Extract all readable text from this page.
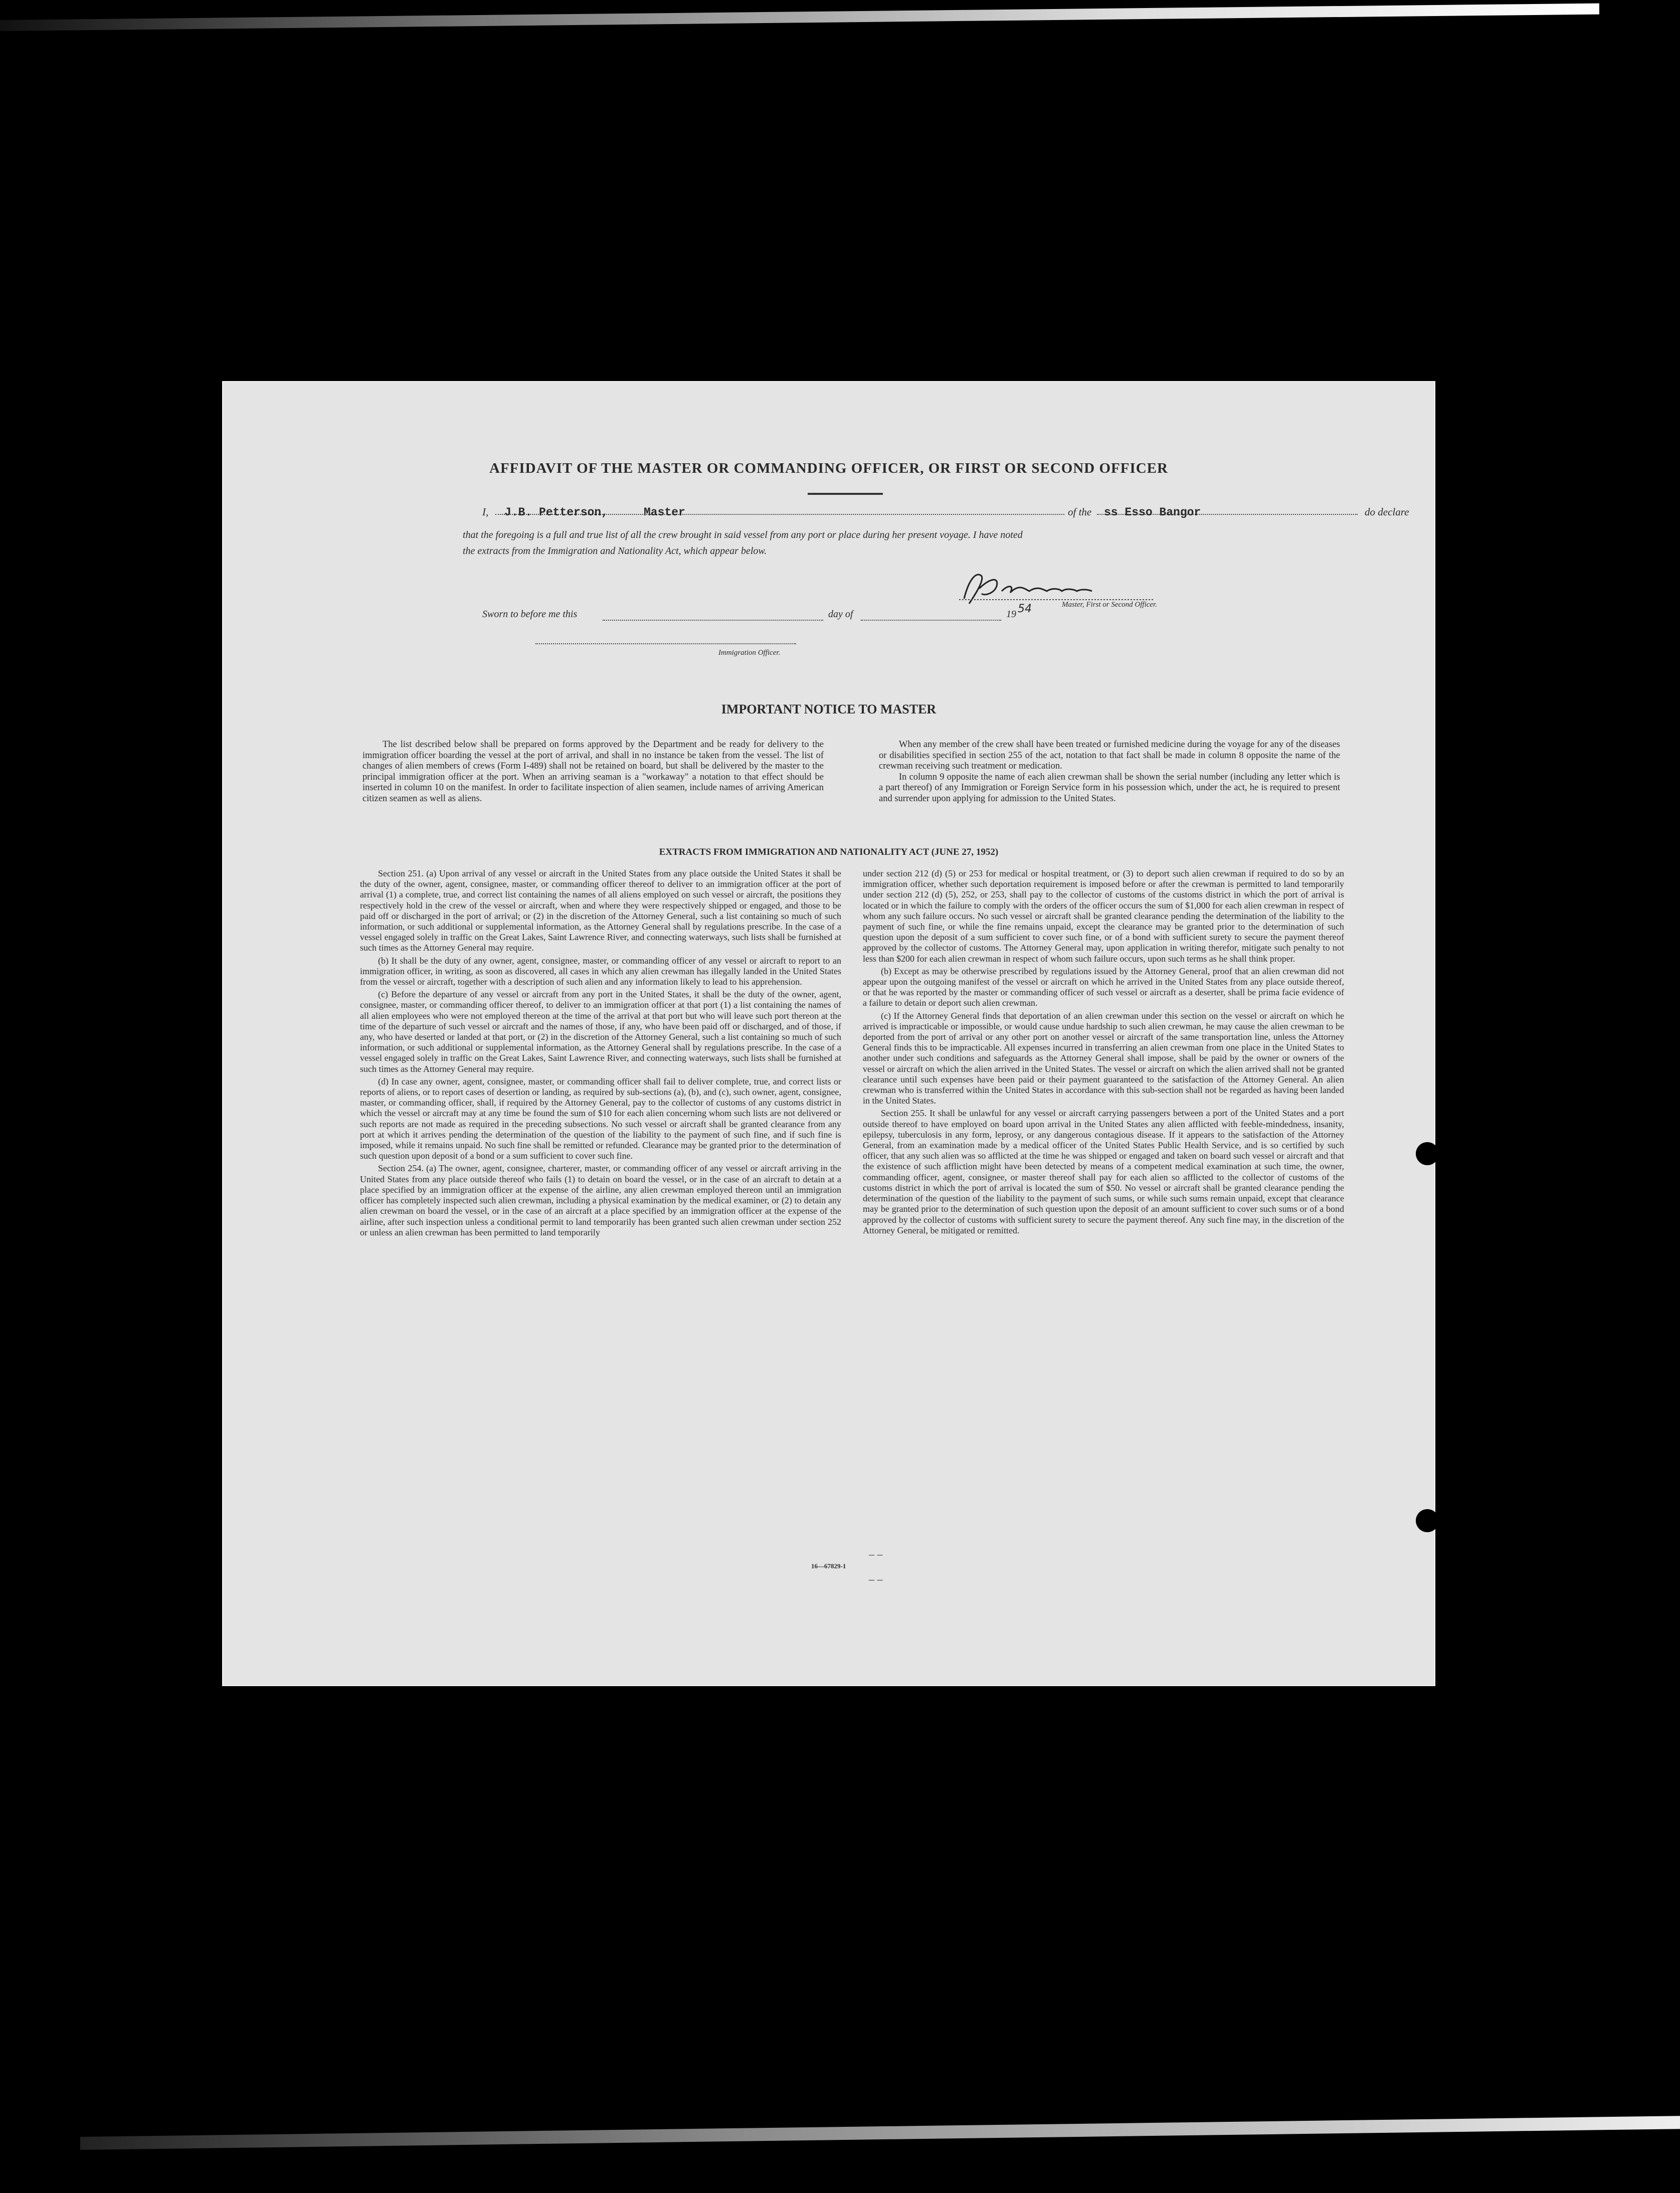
AFFIDAVIT OF THE MASTER OR COMMANDING OFFICER, OR FIRST OR SECOND OFFICER
I, J.B. Petterson,	Master	of the ss Esso Bangor	do declare
that the foregoing is a full and true list of all the crew brought in said vessel from any port or place during her present voyage. I have noted
the extracts from the Immigration and Nationality Act, which appear below.
Master, First or Second Officer.
Sworn to before me this	day of	19 54
Immigration Officer.
IMPORTANT NOTICE TO MASTER

The list described below shall be prepared on forms approved by the Department and be ready for delivery to the immigration officer boarding the vessel at the port of arrival, and shall in no instance be taken from the vessel. The list of changes of alien members of crews (Form I-489) shall not be retained on board, but shall be delivered by the master to the principal immigration officer at the port. When an arriving seaman is a "workaway" a notation to that effect should be inserted in column 10 on the manifest. In order to facilitate inspection of alien seamen, include names of arriving American citizen seamen as well as aliens.

When any member of the crew shall have been treated or furnished medicine during the voyage for any of the diseases or disabilities specified in section 255 of the act, notation to that fact shall be made in column 8 opposite the name of the crewman receiving such treatment or medication.

In column 9 opposite the name of each alien crewman shall be shown the serial number (including any letter which is a part thereof) of any Immigration or Foreign Service form in his possession which, under the act, he is required to present and surrender upon applying for admission to the United States.

EXTRACTS FROM IMMIGRATION AND NATIONALITY ACT (JUNE 27, 1952)

Section 251. (a) Upon arrival of any vessel or aircraft in the United States from any place outside the United States it shall be the duty of the owner, agent, consignee, master, or commanding officer thereof to deliver to an immigration officer at the port of arrival (1) a complete, true, and correct list containing the names of all aliens employed on such vessel or aircraft, the positions they respectively hold in the crew of the vessel or aircraft, when and where they were respectively shipped or engaged, and those to be paid off or discharged in the port of arrival; or (2) in the discretion of the Attorney General, such a list containing so much of such information, or such additional or supplemental information, as the Attorney General shall by regulations prescribe. In the case of a vessel engaged solely in traffic on the Great Lakes, Saint Lawrence River, and connecting waterways, such lists shall be furnished at such times as the Attorney General may require.

(b) It shall be the duty of any owner, agent, consignee, master, or commanding officer of any vessel or aircraft to report to an immigration officer, in writing, as soon as discovered, all cases in which any alien crewman has illegally landed in the United States from the vessel or aircraft, together with a description of such alien and any information likely to lead to his apprehension.

(c) Before the departure of any vessel or aircraft from any port in the United States, it shall be the duty of the owner, agent, consignee, master, or commanding officer thereof, to deliver to an immigration officer at that port (1) a list containing the names of all alien employees who were not employed thereon at the time of the arrival at that port but who will leave such port thereon at the time of the departure of such vessel or aircraft and the names of those, if any, who have been paid off or discharged, and of those, if any, who have deserted or landed at that port, or (2) in the discretion of the Attorney General, such a list containing so much of such information, or such additional or supplemental information, as the Attorney General shall by regulations prescribe. In the case of a vessel engaged solely in traffic on the Great Lakes, Saint Lawrence River, and connecting waterways, such lists shall be furnished at such times as the Attorney General may require.

(d) In case any owner, agent, consignee, master, or commanding officer shall fail to deliver complete, true, and correct lists or reports of aliens, or to report cases of desertion or landing, as required by sub-sections (a), (b), and (c), such owner, agent, consignee, master, or commanding officer, shall, if required by the Attorney General, pay to the collector of customs of any customs district in which the vessel or aircraft may at any time be found the sum of $10 for each alien concerning whom such lists are not delivered or such reports are not made as required in the preceding subsections. No such vessel or aircraft shall be granted clearance from any port at which it arrives pending the determination of the question of the liability to the payment of such fine, and if such fine is imposed, while it remains unpaid. No such fine shall be remitted or refunded. Clearance may be granted prior to the determination of such question upon deposit of a bond or a sum sufficient to cover such fine.

Section 254. (a) The owner, agent, consignee, charterer, master, or commanding officer of any vessel or aircraft arriving in the United States from any place outside thereof who fails (1) to detain on board the vessel, or in the case of an aircraft to detain at a place specified by an immigration officer at the expense of the airline, any alien crewman employed thereon until an immigration officer has completely inspected such alien crewman, including a physical examination by the medical examiner, or (2) to detain any alien crewman on board the vessel, or in the case of an aircraft at a place specified by an immigration officer at the expense of the airline, after such inspection unless a conditional permit to land temporarily has been granted such alien crewman under section 252 or unless an alien crewman has been permitted to land temporarily

under section 212 (d) (5) or 253 for medical or hospital treatment, or (3) to deport such alien crewman if required to do so by an immigration officer, whether such deportation requirement is imposed before or after the crewman is permitted to land temporarily under section 212 (d) (5), 252, or 253, shall pay to the collector of customs of the customs district in which the port of arrival is located or in which the failure to comply with the orders of the officer occurs the sum of $1,000 for each alien crewman in respect of whom any such failure occurs. No such vessel or aircraft shall be granted clearance pending the determination of the liability to the payment of such fine, or while the fine remains unpaid, except the clearance may be granted prior to the determination of such question upon the deposit of a sum sufficient to cover such fine, or of a bond with sufficient surety to secure the payment thereof approved by the collector of customs. The Attorney General may, upon application in writing therefor, mitigate such penalty to not less than $200 for each alien crewman in respect of whom such failure occurs, upon such terms as he shall think proper.

(b) Except as may be otherwise prescribed by regulations issued by the Attorney General, proof that an alien crewman did not appear upon the outgoing manifest of the vessel or aircraft on which he arrived in the United States from any place outside thereof, or that he was reported by the master or commanding officer of such vessel or aircraft as a deserter, shall be prima facie evidence of a failure to detain or deport such alien crewman.

(c) If the Attorney General finds that deportation of an alien crewman under this section on the vessel or aircraft on which he arrived is impracticable or impossible, or would cause undue hardship to such alien crewman, he may cause the alien crewman to be deported from the port of arrival or any other port on another vessel or aircraft of the same transportation line, unless the Attorney General finds this to be impracticable. All expenses incurred in transferring an alien crewman from one place in the United States to another under such conditions and safeguards as the Attorney General shall impose, shall be paid by the owner or owners of the vessel or aircraft on which the alien arrived in the United States. The vessel or aircraft on which the alien arrived shall not be granted clearance until such expenses have been paid or their payment guaranteed to the satisfaction of the Attorney General. An alien crewman who is transferred within the United States in accordance with this sub-section shall not be regarded as having been landed in the United States.

Section 255. It shall be unlawful for any vessel or aircraft carrying passengers between a port of the United States and a port outside thereof to have employed on board upon arrival in the United States any alien afflicted with feeble-mindedness, insanity, epilepsy, tuberculosis in any form, leprosy, or any dangerous contagious disease. If it appears to the satisfaction of the Attorney General, from an examination made by a medical officer of the United States Public Health Service, and is so certified by such officer, that any such alien was so afflicted at the time he was shipped or engaged and taken on board such vessel or aircraft and that the existence of such affliction might have been detected by means of a competent medical examination at such time, the owner, commanding officer, agent, consignee, or master thereof shall pay for each alien so afflicted to the collector of customs of the customs district in which the port of arrival is located the sum of $50. No vessel or aircraft shall be granted clearance pending the determination of the question of the liability to the payment of such sums, or while such sums remain unpaid, except that clearance may be granted prior to the determination of such question upon the deposit of an amount sufficient to cover such sums or of a bond approved by the collector of customs with sufficient surety to secure the payment thereof. Any such fine may, in the discretion of the Attorney General, be mitigated or remitted.

16—67829-1
– –
– –
